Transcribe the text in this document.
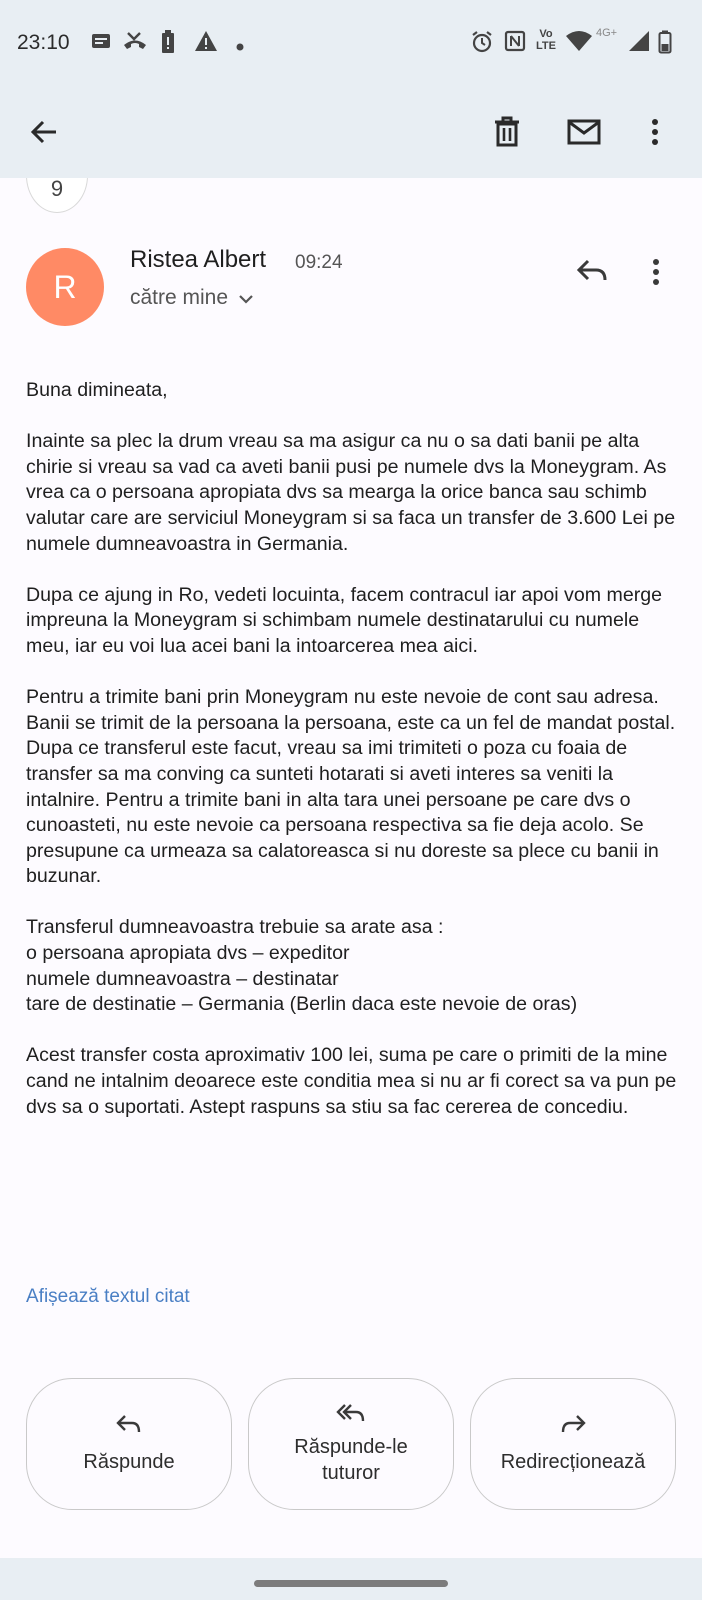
23:10	Vo LTE
4G+
9
R
Ristea Albert 09:24
către mine

Buna dimineata,

Inainte sa plec la drum vreau sa ma asigur ca nu o sa dati banii pe alta chirie si vreau sa vad ca aveti banii pusi pe numele dvs la Moneygram. As vrea ca o persoana apropiata dvs sa mearga la orice banca sau schimb valutar care are serviciul Moneygram si sa faca un transfer de 3.600 Lei pe numele dumneavoastra in Germania.

Dupa ce ajung in Ro, vedeti locuinta, facem contracul iar apoi vom merge impreuna la Moneygram si schimbam numele destinatarului cu numele meu, iar eu voi lua acei bani la intoarcerea mea aici.

Pentru a trimite bani prin Moneygram nu este nevoie de cont sau adresa. Banii se trimit de la persoana la persoana, este ca un fel de mandat postal. Dupa ce transferul este facut, vreau sa imi trimiteti o poza cu foaia de transfer sa ma conving ca sunteti hotarati si aveti interes sa veniti la intalnire. Pentru a trimite bani in alta tara unei persoane pe care dvs o cunoasteti, nu este nevoie ca persoana respectiva sa fie deja acolo. Se presupune ca urmeaza sa calatoreasca si nu doreste sa plece cu banii in buzunar.

Transferul dumneavoastra trebuie sa arate asa :
o persoana apropiata dvs – expeditor
numele dumneavoastra – destinatar
tare de destinatie – Germania (Berlin daca este nevoie de oras)

Acest transfer costa aproximativ 100 lei, suma pe care o primiti de la mine cand ne intalnim deoarece este conditia mea si nu ar fi corect sa va pun pe dvs sa o suportati. Astept raspuns sa stiu sa fac cererea de concediu.

Afișează textul citat
Răspunde
Răspunde-le
tuturor	Redirecționează
